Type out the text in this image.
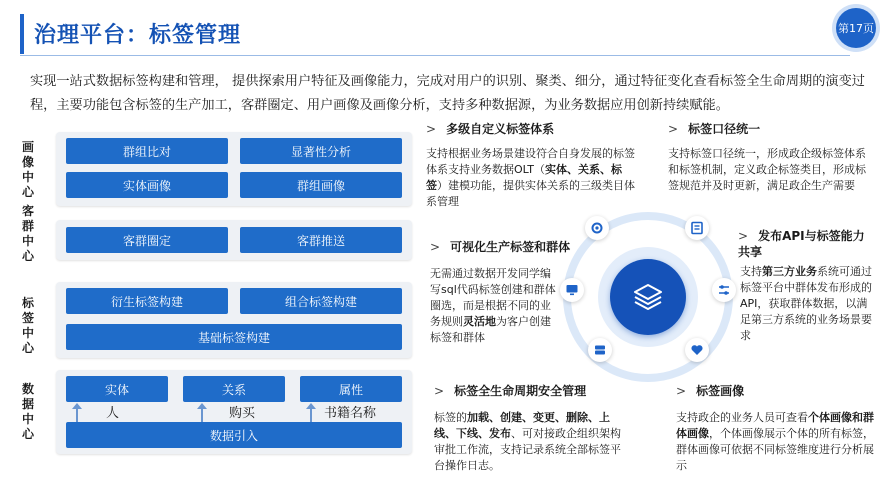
治理平台：标签管理	第17页
实现一站式数据标签构建和管理， 提供探索用户特征及画像能力，完成对用户的识别、聚类、细分，通过特征变化查看标签全生命周期的演变过程，主要功能包含标签的生产加工，客群圈定、用户画像及画像分析，支持多种数据源，为业务数据应用创新持续赋能。
画像中心
客群中心
标签中心
数据中心
群组比对	显著性分析
实体画像	群组画像
客群圈定	客群推送
衍生标签构建	组合标签构建
基础标签构建
实体	关系	属性
人	购买	书籍名称
数据引入
> 多级自定义标签体系
支持根据业务场景建设符合自身发展的标签体系支持业务数据OLT（实体、关系、标签）建模功能，提供实体关系的三级类目体系管理
> 标签口径统一
支持标签口径统一，形成政企级标签体系和标签机制，定义政企标签类目，形成标签规范并及时更新，满足政企生产需要
> 可视化生产标签和群体
无需通过数据开发同学编写sql代码标签创建和群体圈选，而是根据不同的业务规则灵活地为客户创建标签和群体
> 发布API与标签能力共享
支持第三方业务系统可通过标签平台中群体发布形成的API，获取群体数据，以满足第三方系统的业务场景要求
> 标签全生命周期安全管理
标签的加载、创建、变更、删除、上线、下线、发布、可对接政企组织架构审批工作流，支持记录系统全部标签平台操作日志。
> 标签画像
支持政企的业务人员可查看个体画像和群体画像，个体画像展示个体的所有标签，群体画像可依据不同标签维度进行分析展示
